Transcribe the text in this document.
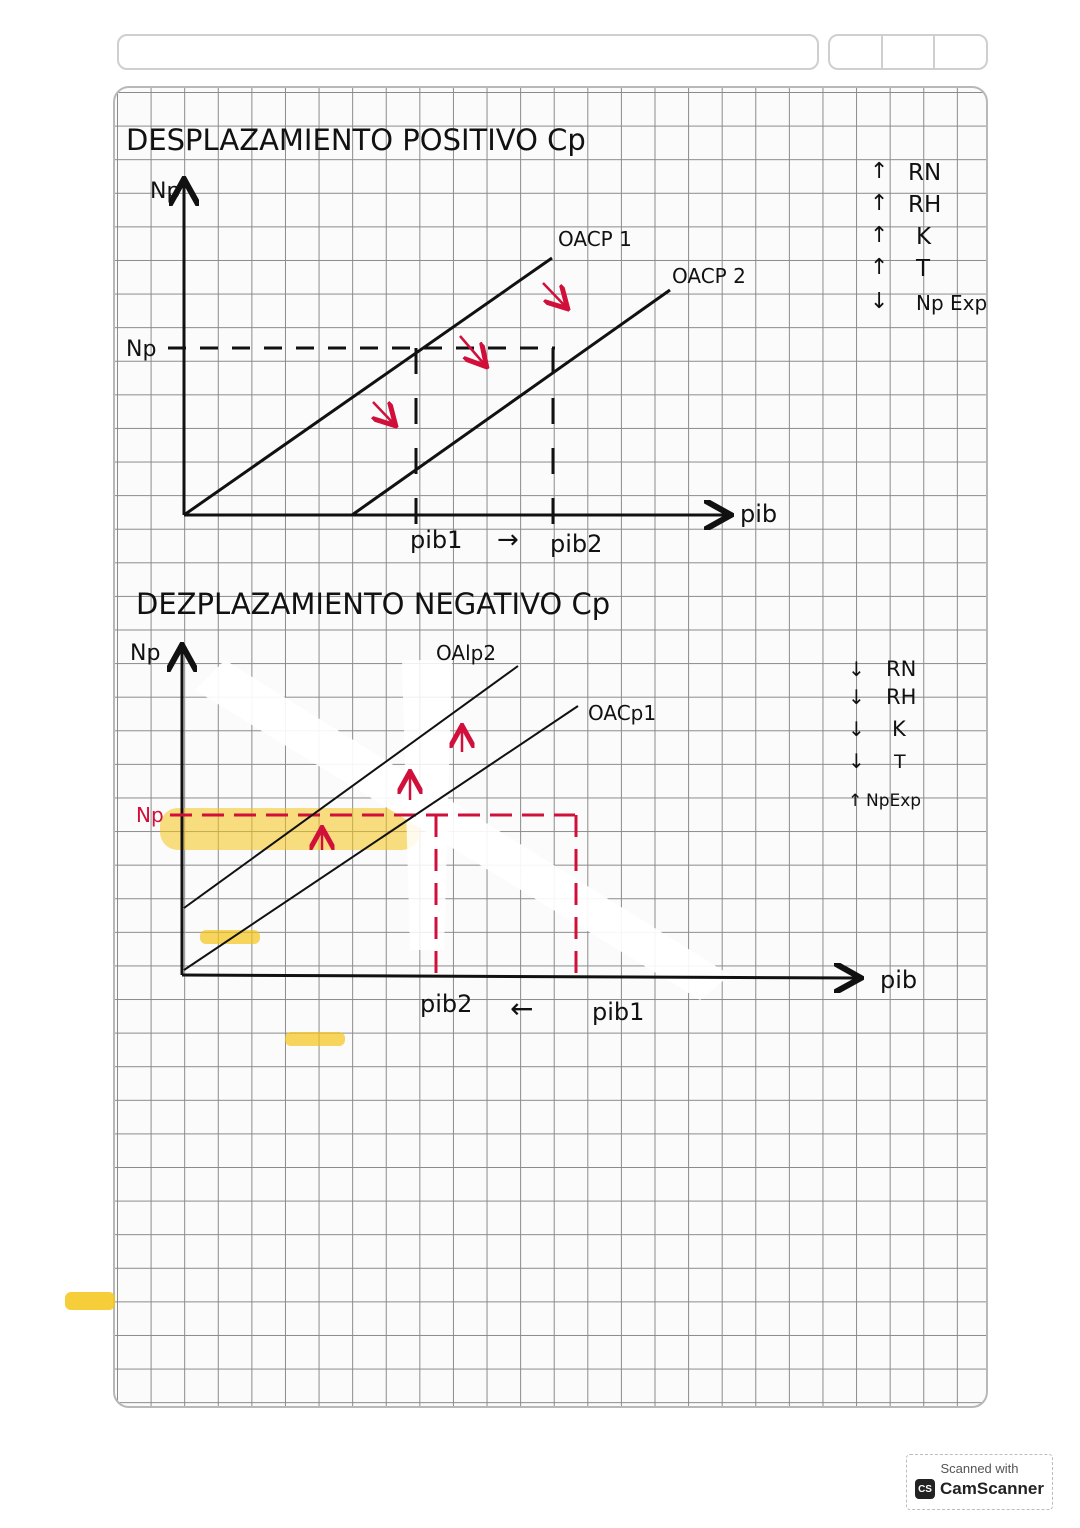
DESPLAZAMIENTO POSITIVO Cp
Np
pib
Np
OACP 1
OACP 2
pib1 → pib2
↑ RN
↑ RH
↑ K
↑ T
↓ Np Exp
DEZPLAZAMIENTO NEGATIVO Cp
Np
pib
Np
OACp1
OAlp2
pib2 ← pib1
↓ RN
↓ RH
↓ K
↓ T
↑ NpExp
Scanned with
CS CamScanner
